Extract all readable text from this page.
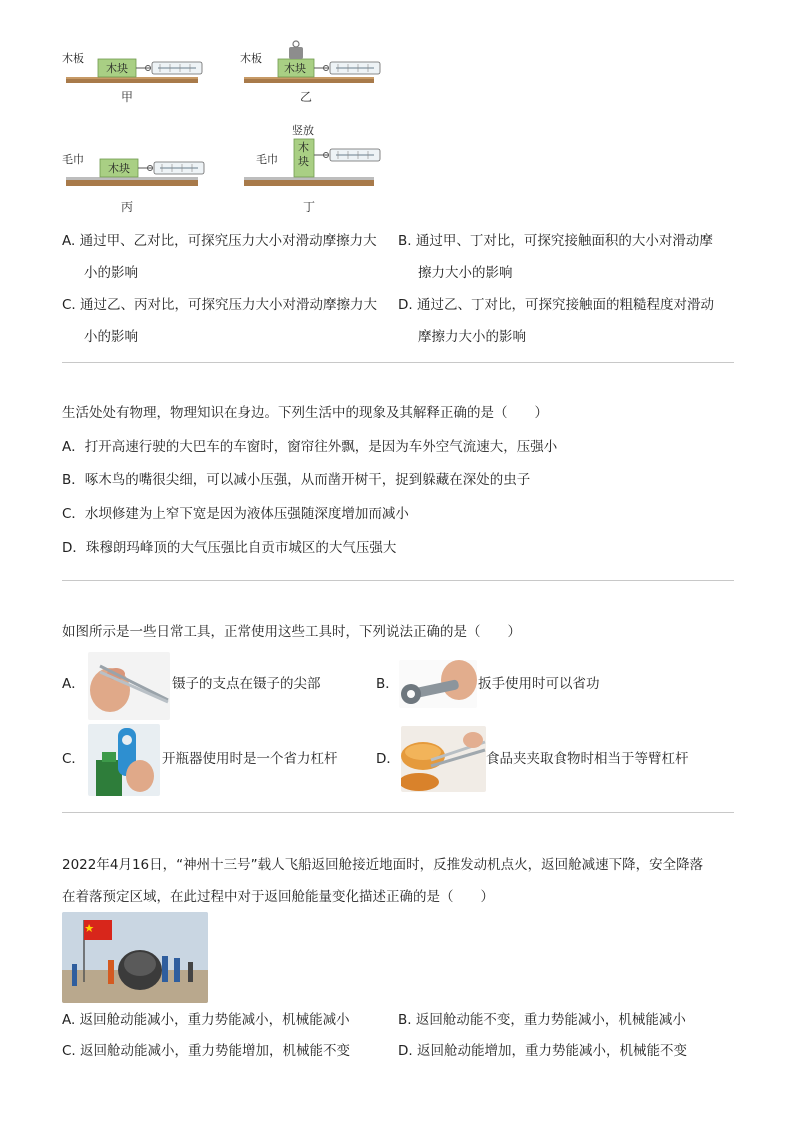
木板
木块
甲
木板
木块
乙
毛巾
木块
丙
竖放
毛巾
木块
丁
A. 通过甲、乙对比，可探究压力大小对滑动摩擦力大
小的影响
B. 通过甲、丁对比，可探究接触面积的大小对滑动摩
擦力大小的影响
C. 通过乙、丙对比，可探究压力大小对滑动摩擦力大
小的影响
D. 通过乙、丁对比，可探究接触面的粗糙程度对滑动
摩擦力大小的影响
生活处处有物理，物理知识在身边。下列生活中的现象及其解释正确的是（　　）
A．打开高速行驶的大巴车的车窗时，窗帘往外飘，是因为车外空气流速大，压强小
B．啄木鸟的嘴很尖细，可以减小压强，从而凿开树干，捉到躲藏在深处的虫子
C．水坝修建为上窄下宽是因为液体压强随深度增加而减小
D．珠穆朗玛峰顶的大气压强比自贡市城区的大气压强大
如图所示是一些日常工具，正常使用这些工具时，下列说法正确的是（　　）
A．	镊子的支点在镊子的尖部	B．	扳手使用时可以省功
C．	开瓶器使用时是一个省力杠杆	D．	食品夹夹取食物时相当于等臂杠杆
2022年4月16日，“神州十三号”载人飞船返回舱接近地面时，反推发动机点火，返回舱减速下降，安全降落
在着落预定区域，在此过程中对于返回舱能量变化描述正确的是（　　）
A. 返回舱动能减小，重力势能减小，机械能减小	B. 返回舱动能不变，重力势能减小，机械能减小
C. 返回舱动能减小，重力势能增加，机械能不变	D. 返回舱动能增加，重力势能减小，机械能不变
